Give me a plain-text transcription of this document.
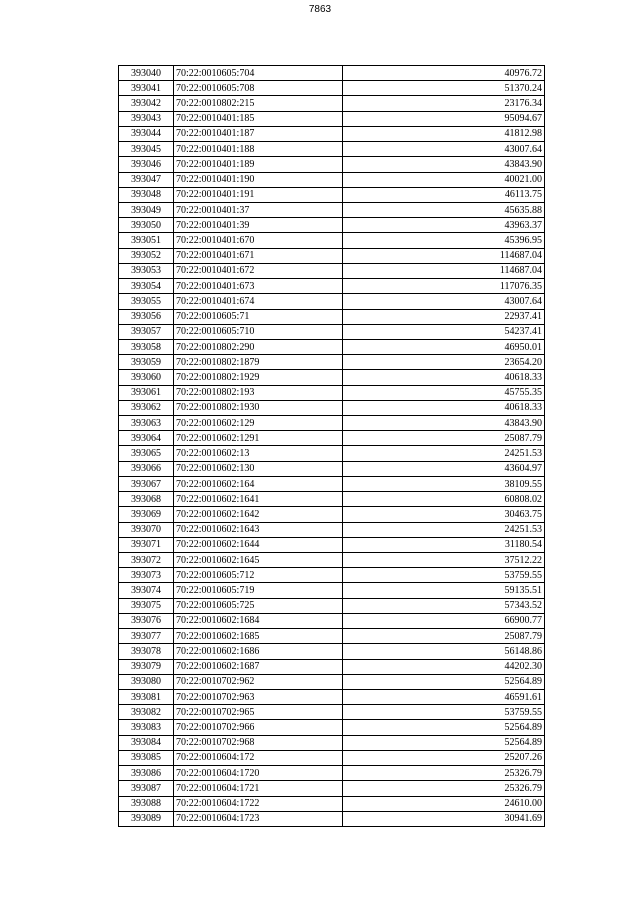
7863
393040	70:22:0010605:704	40976.72
393041	70:22:0010605:708	51370.24
393042	70:22:0010802:215	23176.34
393043	70:22:0010401:185	95094.67
393044	70:22:0010401:187	41812.98
393045	70:22:0010401:188	43007.64
393046	70:22:0010401:189	43843.90
393047	70:22:0010401:190	40021.00
393048	70:22:0010401:191	46113.75
393049	70:22:0010401:37	45635.88
393050	70:22:0010401:39	43963.37
393051	70:22:0010401:670	45396.95
393052	70:22:0010401:671	114687.04
393053	70:22:0010401:672	114687.04
393054	70:22:0010401:673	117076.35
393055	70:22:0010401:674	43007.64
393056	70:22:0010605:71	22937.41
393057	70:22:0010605:710	54237.41
393058	70:22:0010802:290	46950.01
393059	70:22:0010802:1879	23654.20
393060	70:22:0010802:1929	40618.33
393061	70:22:0010802:193	45755.35
393062	70:22:0010802:1930	40618.33
393063	70:22:0010602:129	43843.90
393064	70:22:0010602:1291	25087.79
393065	70:22:0010602:13	24251.53
393066	70:22:0010602:130	43604.97
393067	70:22:0010602:164	38109.55
393068	70:22:0010602:1641	60808.02
393069	70:22:0010602:1642	30463.75
393070	70:22:0010602:1643	24251.53
393071	70:22:0010602:1644	31180.54
393072	70:22:0010602:1645	37512.22
393073	70:22:0010605:712	53759.55
393074	70:22:0010605:719	59135.51
393075	70:22:0010605:725	57343.52
393076	70:22:0010602:1684	66900.77
393077	70:22:0010602:1685	25087.79
393078	70:22:0010602:1686	56148.86
393079	70:22:0010602:1687	44202.30
393080	70:22:0010702:962	52564.89
393081	70:22:0010702:963	46591.61
393082	70:22:0010702:965	53759.55
393083	70:22:0010702:966	52564.89
393084	70:22:0010702:968	52564.89
393085	70:22:0010604:172	25207.26
393086	70:22:0010604:1720	25326.79
393087	70:22:0010604:1721	25326.79
393088	70:22:0010604:1722	24610.00
393089	70:22:0010604:1723	30941.69
